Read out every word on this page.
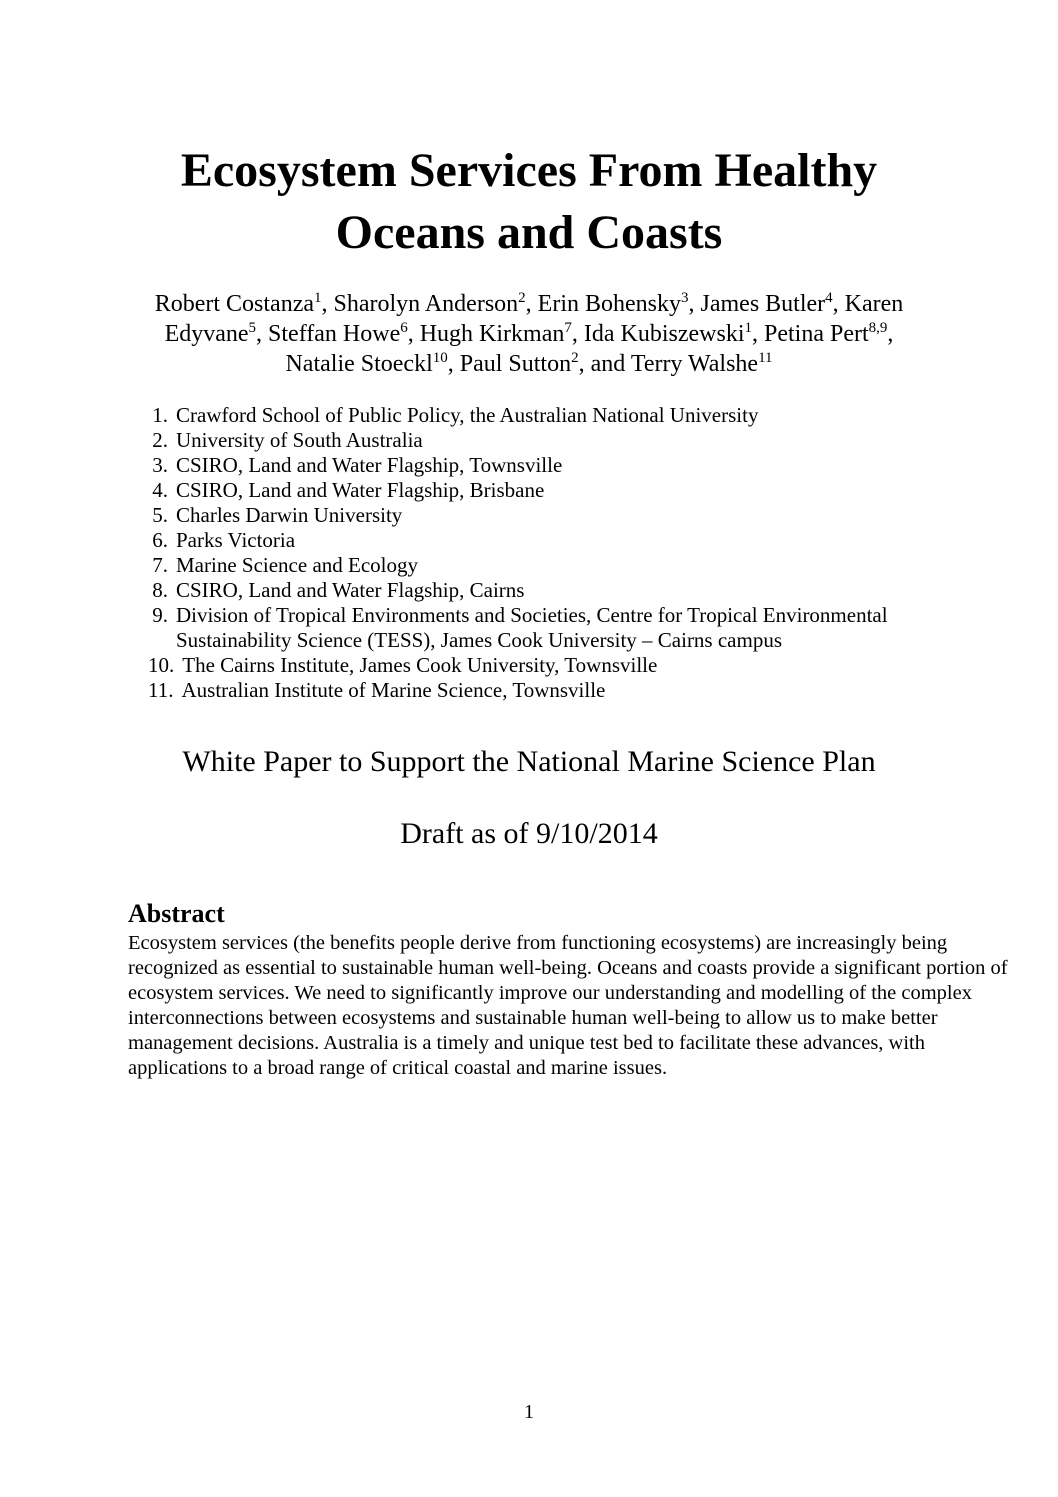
Ecosystem Services From Healthy
Oceans and Coasts

Robert Costanza$^1$, Sharolyn Anderson$^2$, Erin Bohensky$^3$, James Butler$^4$, Karen Edyvane$^5$, Steffan Howe$^6$, Hugh Kirkman$^7$, Ida Kubiszewski$^1$, Petina Pert$^{8,9}$, Natalie Stoeckl$^{10}$, Paul Sutton$^2$, and Terry Walshe$^{11}$

1. Crawford School of Public Policy, the Australian National University
2. University of South Australia
3. CSIRO, Land and Water Flagship, Townsville
4. CSIRO, Land and Water Flagship, Brisbane
5. Charles Darwin University
6. Parks Victoria
7. Marine Science and Ecology
8. CSIRO, Land and Water Flagship, Cairns
9. Division of Tropical Environments and Societies, Centre for Tropical Environmental Sustainability Science (TESS), James Cook University – Cairns campus
10. The Cairns Institute, James Cook University, Townsville
11. Australian Institute of Marine Science, Townsville
White Paper to Support the National Marine Science Plan
Draft as of 9/10/2014
Abstract

Ecosystem services (the benefits people derive from functioning ecosystems) are increasingly being recognized as essential to sustainable human well-being. Oceans and coasts provide a significant portion of ecosystem services. We need to significantly improve our understanding and modelling of the complex interconnections between ecosystems and sustainable human well-being to allow us to make better management decisions. Australia is a timely and unique test bed to facilitate these advances, with applications to a broad range of critical coastal and marine issues.

1
